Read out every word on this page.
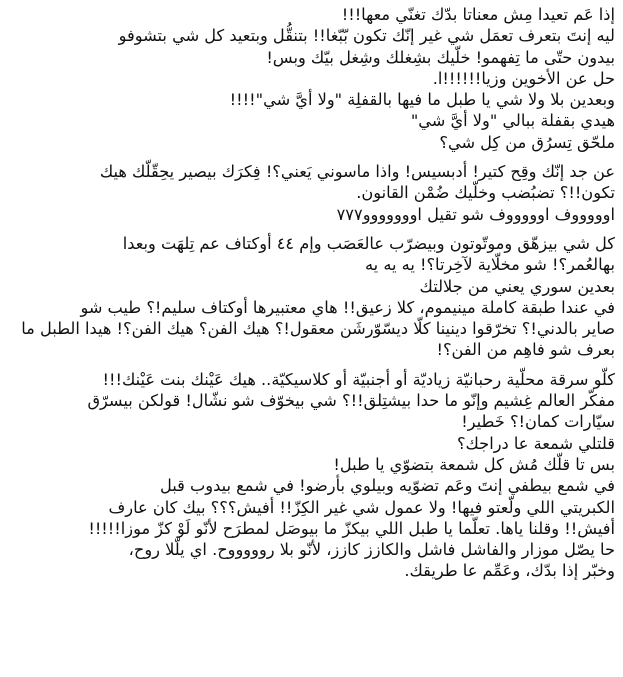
إذا عَم تعيدا مِش معناتا بدّك تغنّي معها!!!
ليه إنتَ بتعرف تعمَل شي غير إنّك تكون بّبّغا!! بتنقُّل وبتعيد كل شي بتشوفو
بيدون حتّى ما تِفهمو! خلّيك بشِغلك وشِغل بيّك وبس!
حل عن الأخوين وزيا!!!!!!ا.
وبعدين بلا ولا شي يا طبل ما فيها بالقفلِة "ولا أيَّ شي"!!!!
هيدي بقفلة ببالي "ولا أيَّ شي"
ملحّق تِسرُق من كِل شي؟
عن جد إنّك وقِح كتير! أدبسيس! واذا ماسوني يَعني؟! فِكرَك بيصير يحِقّلّك هيك
تكون!!؟ تضبُضب وخلّيك ضُمْن القانون.
اوووووف اوووووف شو تقيل اووووووو٧٧٧
كل شي بيزهّق وموتّوتون وبيضرّب عالعَصَب وإم ٤٤ أوكتاف عم تِلهَت وبعدا
بهالعُمر؟! شو مخلّاية لآخِرتا؟! يه يه يه
بعدين سوري يعني من جلالتك
في عندا طبقة كاملة مينيموم، كلا زعيق!! هاي معتبيرها أوكتاف سليم!؟ طيب شو
صاير بالدني!؟ تخرّقوا دينينا كلّا ديسّوّرشَن معقول!؟ هيك الفن؟ هيك الفن؟! هيدا الطبل ما
بعرف شو فاهِم من الفن؟!
كلّو سرقة محلّية رحبانيّة زياديّة أو أجنبيّة أو كلاسيكيّة.. هيك عَيْنك بنت عَيْنك!!!
مفكّر العالم غِشيم وإنّو ما حدا بيشتِلق!!؟ شي بيخوّف شو نشّال! قولكن بيسرّق
سيّارات كمان!؟ خَطير!
قلتلي شمعة عا دراجك؟
بس تا قلّك مُش كل شمعة بتضوّي يا طبل!
في شمع بيطفي إنتَ وعَم تضوّيه وبيلوي بأرضو! في شمع بيدوب قبل
الكبريتي اللي ولّعتو فيها! ولا عمول شي غير الكِزّ!! أفيش؟؟؟ بيك كان عارف
أفيش!! وقلنا ياها. تعلّما يا طبل اللي بيكزّ ما بيوصَل لمطرَح لأنّو لَوْ كزّ موزا!!!!!
حا يصّل موزار والفاشل فاشل والكازز كازز، لأنّو بلا روووووح. اي يلّلا روح،
وخبّر إذا بدّك، وعَمِّم عا طريقك.
